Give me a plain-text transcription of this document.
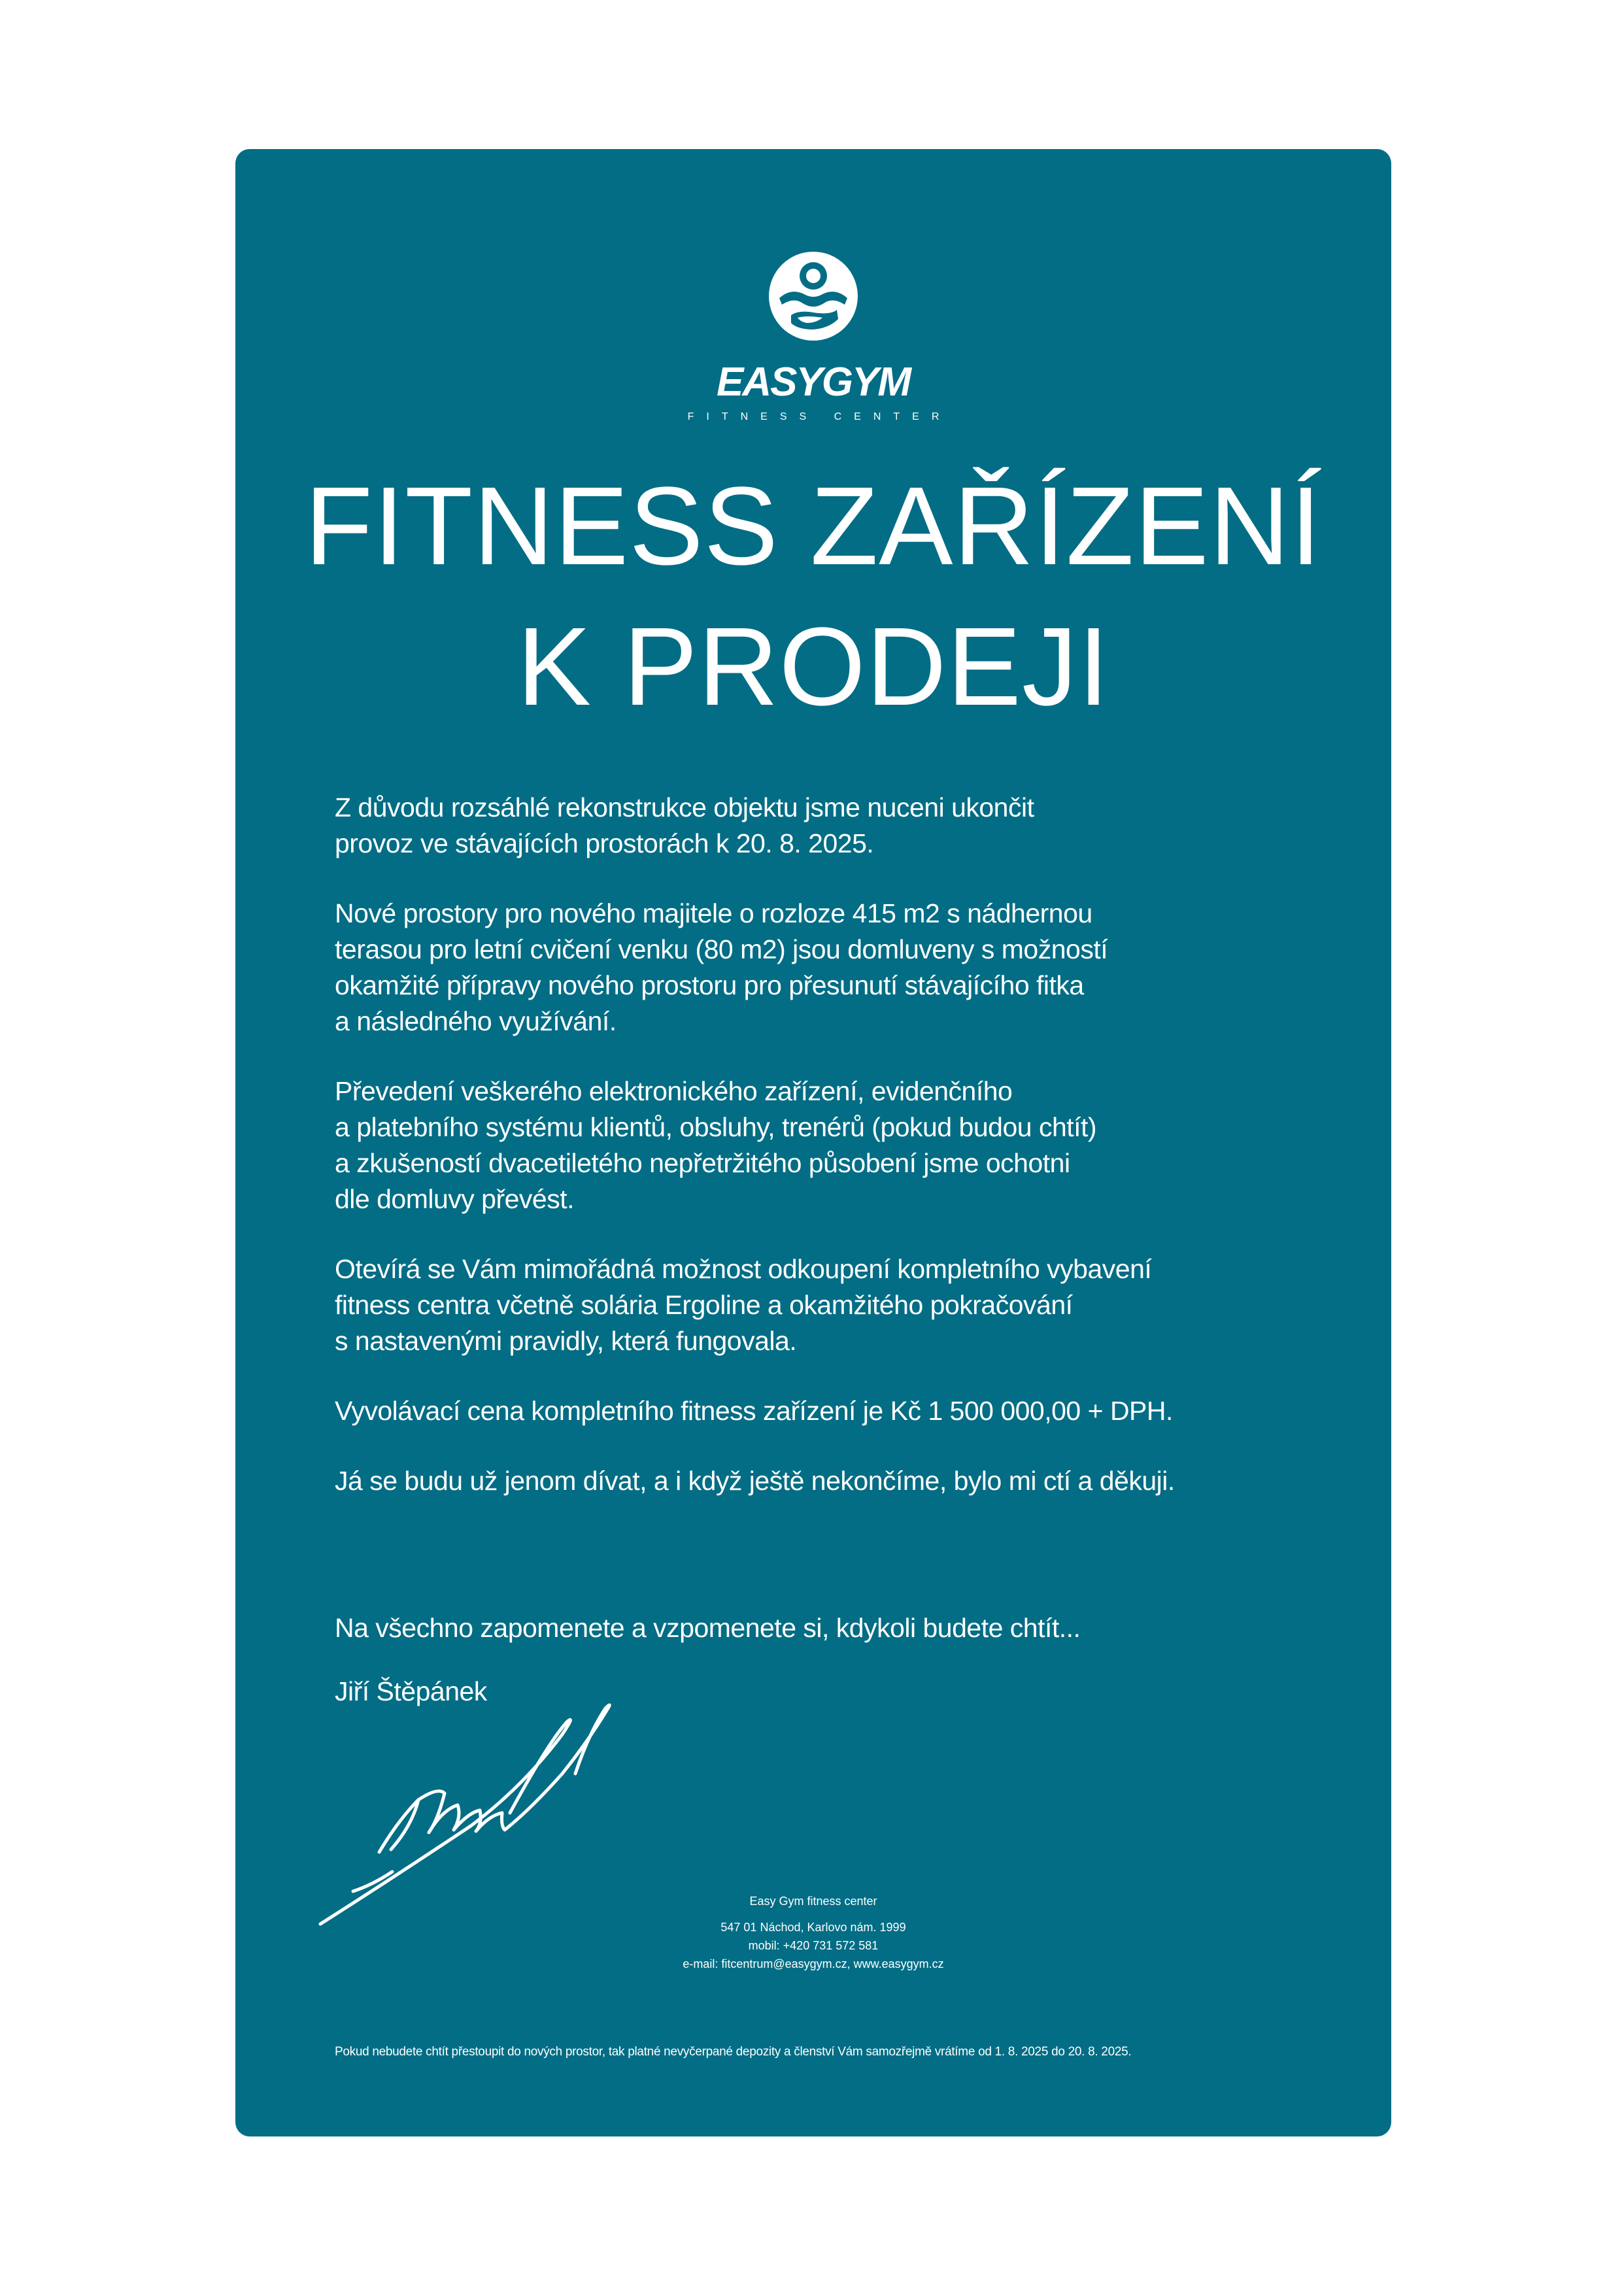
EASYGYM
FITNESS CENTER
FITNESS ZAŘÍZENÍ
K PRODEJI

Z důvodu rozsáhlé rekonstrukce objektu jsme nuceni ukončit
provoz ve stávajících prostorách k 20. 8. 2025.

Nové prostory pro nového majitele o rozloze 415 m2 s nádhernou
terasou pro letní cvičení venku (80 m2) jsou domluveny s možností
okamžité přípravy nového prostoru pro přesunutí stávajícího fitka
a následného využívání.

Převedení veškerého elektronického zařízení, evidenčního
a platebního systému klientů, obsluhy, trenérů (pokud budou chtít)
a zkušeností dvacetiletého nepřetržitého působení jsme ochotni
dle domluvy převést.

Otevírá se Vám mimořádná možnost odkoupení kompletního vybavení
fitness centra včetně solária Ergoline a okamžitého pokračování
s nastavenými pravidly, která fungovala.

Vyvolávací cena kompletního fitness zařízení je Kč 1 500 000,00 + DPH.

Já se budu už jenom dívat, a i když ještě nekončíme, bylo mi ctí a děkuji.

Na všechno zapomenete a vzpomenete si, kdykoli budete chtít...

Jiří Štěpánek

Easy Gym fitness center
547 01 Náchod, Karlovo nám. 1999
mobil: +420 731 572 581
e-mail: fitcentrum@easygym.cz, www.easygym.cz
Pokud nebudete chtít přestoupit do nových prostor, tak platné nevyčerpané depozity a členství Vám samozřejmě vrátíme od 1. 8. 2025 do 20. 8. 2025.
